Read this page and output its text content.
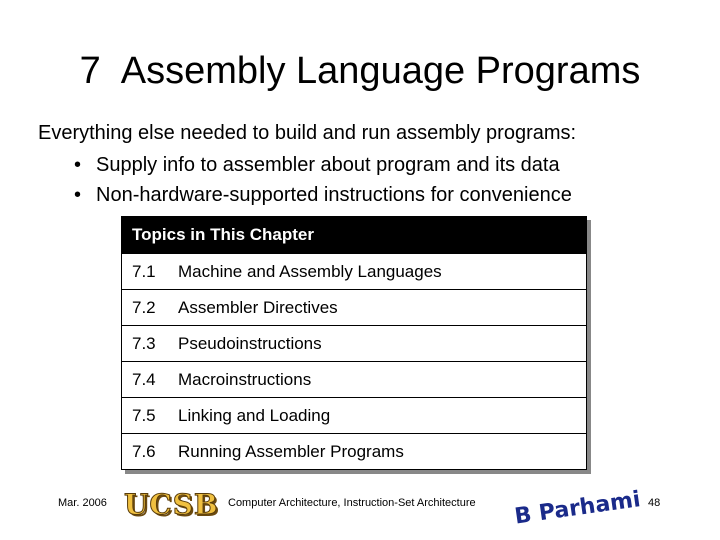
7 Assembly Language Programs
Everything else needed to build and run assembly programs:
• Supply info to assembler about program and its data
• Non-hardware-supported instructions for convenience
Topics in This Chapter
7.1 Machine and Assembly Languages
7.2 Assembler Directives
7.3 Pseudoinstructions
7.4 Macroinstructions
7.5 Linking and Loading
7.6 Running Assembler Programs
Mar. 2006 UCSB Computer Architecture, Instruction-Set Architecture B Parhami 48
